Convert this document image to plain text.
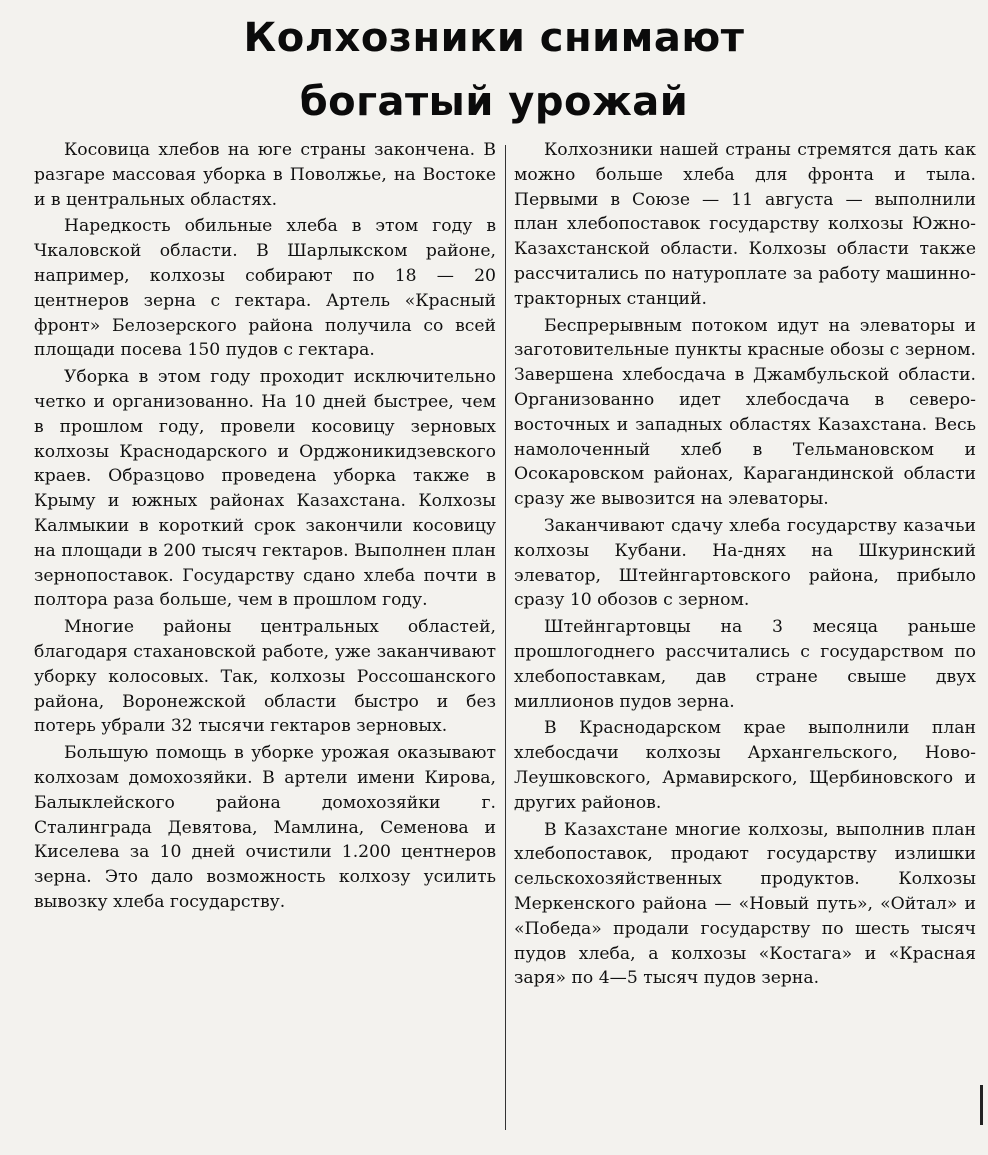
Колхозники снимают
богатый урожай

Косовица хлебов на юге страны закончена. В разгаре массовая уборка в Поволжье, на Востоке и в центральных областях.

Наредкость обильные хлеба в этом году в Чкаловской области. В Шарлыкском районе, например, колхозы собирают по 18 — 20 центнеров зерна с гектара. Артель «Красный фронт» Белозерского района получила со всей площади посева 150 пудов с гектара.

Уборка в этом году проходит исключительно четко и организованно. На 10 дней быстрее, чем в прошлом году, провели косовицу зерновых колхозы Краснодарского и Орджоникидзевского краев. Образцово проведена уборка также в Крыму и южных районах Казахстана. Колхозы Калмыкии в короткий срок закончили косовицу на площади в 200 тысяч гектаров. Выполнен план зернопоставок. Государству сдано хлеба почти в полтора раза больше, чем в прошлом году.

Многие районы центральных областей, благодаря стахановской работе, уже заканчивают уборку колосовых. Так, колхозы Россошанского района, Воронежской области быстро и без потерь убрали 32 тысячи гектаров зерновых.

Большую помощь в уборке урожая оказывают колхозам домохозяйки. В артели имени Кирова, Балыклейского района домохозяйки г. Сталинграда Девятова, Мамлина, Семенова и Киселева за 10 дней очистили 1.200 центнеров зерна. Это дало возможность колхозу усилить вывозку хлеба государству.

Колхозники нашей страны стремятся дать как можно больше хлеба для фронта и тыла. Первыми в Союзе — 11 августа — выполнили план хлебопоставок государству колхозы Южно-Казахстанской области. Колхозы области также рассчитались по натуроплате за работу машинно-тракторных станций.

Беспрерывным потоком идут на элеваторы и заготовительные пункты красные обозы с зерном. Завершена хлебосдача в Джамбульской области. Организованно идет хлебосдача в северо-восточных и западных областях Казахстана. Весь намолоченный хлеб в Тельмановском и Осокаровском районах, Карагандинской области сразу же вывозится на элеваторы.

Заканчивают сдачу хлеба государству казачьи колхозы Кубани. На-днях на Шкуринский элеватор, Штейнгартовского района, прибыло сразу 10 обозов с зерном.

Штейнгартовцы на 3 месяца раньше прошлогоднего рассчитались с государством по хлебопоставкам, дав стране свыше двух миллионов пудов зерна.

В Краснодарском крае выполнили план хлебосдачи колхозы Архангельского, Ново-Леушковского, Армавирского, Щербиновского и других районов.

В Казахстане многие колхозы, выполнив план хлебопоставок, продают государству излишки сельскохозяйственных продуктов. Колхозы Меркенского района — «Новый путь», «Ойтал» и «Победа» продали государству по шесть тысяч пудов хлеба, а колхозы «Костага» и «Красная заря» по 4—5 тысяч пудов зерна.
